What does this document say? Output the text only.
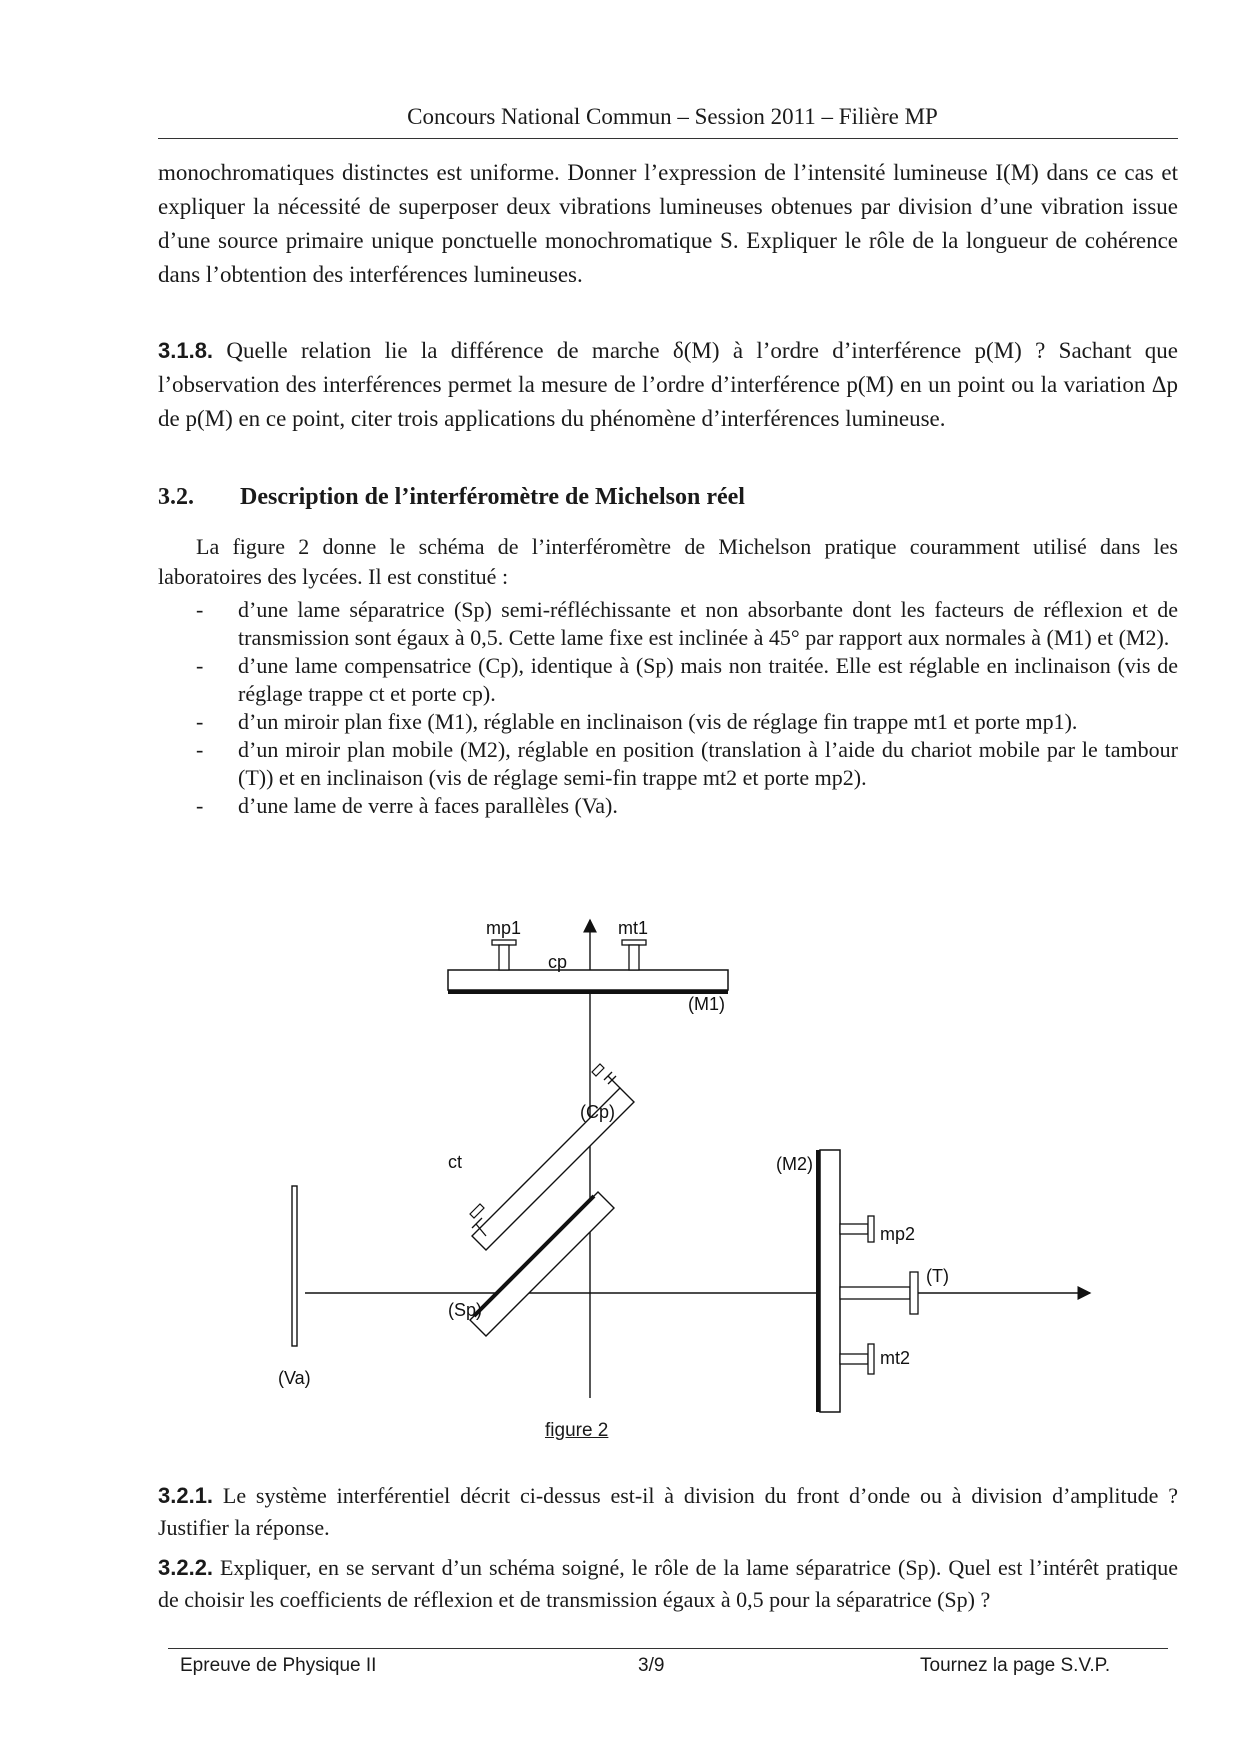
Concours National Commun – Session 2011 – Filière MP
monochromatiques distinctes est uniforme. Donner l’expression de l’intensité lumineuse I(M) dans ce cas et expliquer la nécessité de superposer deux vibrations lumineuses obtenues par division d’une vibration issue d’une source primaire unique ponctuelle monochromatique S. Expliquer le rôle de la longueur de cohérence dans l’obtention des interférences lumineuses.
3.1.8. Quelle relation lie la différence de marche δ(M) à l’ordre d’interférence p(M) ? Sachant que l’observation des interférences permet la mesure de l’ordre d’interférence p(M) en un point ou la variation Δp de p(M) en ce point, citer trois applications du phénomène d’interférences lumineuse.
3.2. Description de l’interféromètre de Michelson réel
La figure 2 donne le schéma de l’interféromètre de Michelson pratique couramment utilisé dans les laboratoires des lycées. Il est constitué :

- d’une lame séparatrice (Sp) semi-réfléchissante et non absorbante dont les facteurs de réflexion et de transmission sont égaux à 0,5. Cette lame fixe est inclinée à 45° par rapport aux normales à (M1) et (M2).

- d’une lame compensatrice (Cp), identique à (Sp) mais non traitée. Elle est réglable en inclinaison (vis de réglage trappe ct et porte cp).

- d’un miroir plan fixe (M1), réglable en inclinaison (vis de réglage fin trappe mt1 et porte mp1).

- d’un miroir plan mobile (M2), réglable en position (translation à l’aide du chariot mobile par le tambour (T)) et en inclinaison (vis de réglage semi-fin trappe mt2 et porte mp2).

- d’une lame de verre à faces parallèles (Va).

mp1	mt1
(M1)
cp
(Cp)
ct
(Sp)
(Va)
(M2)
mp2
(T)
mt2
figure 2
3.2.1. Le système interférentiel décrit ci-dessus est-il à division du front d’onde ou à division d’amplitude ? Justifier la réponse.
3.2.2. Expliquer, en se servant d’un schéma soigné, le rôle de la lame séparatrice (Sp). Quel est l’intérêt pratique de choisir les coefficients de réflexion et de transmission égaux à 0,5 pour la séparatrice (Sp) ?
Epreuve de Physique II	3/9	Tournez la page S.V.P.
